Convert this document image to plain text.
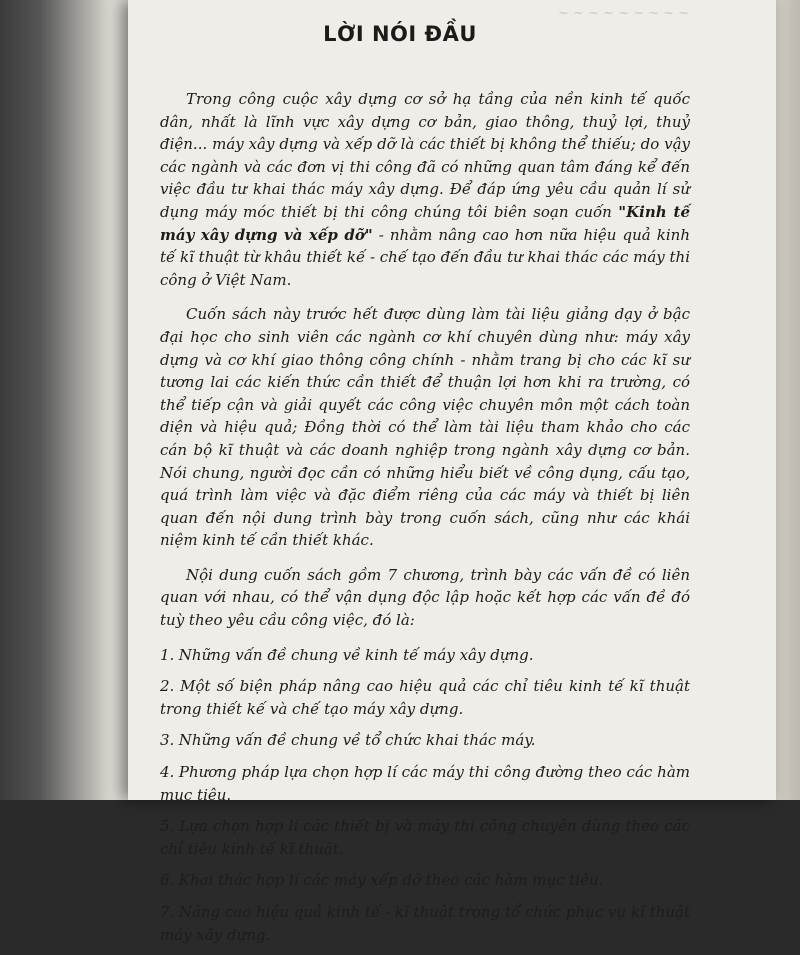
~ ~ ~ ~ ~ ~ ~ ~ ~
LỜI NÓI ĐẦU

Trong công cuộc xây dựng cơ sở hạ tầng của nền kinh tế quốc dân, nhất là lĩnh vực xây dựng cơ bản, giao thông, thuỷ lợi, thuỷ điện... máy xây dựng và xếp dỡ là các thiết bị không thể thiếu; do vậy các ngành và các đơn vị thi công đã có những quan tâm đáng kể đến việc đầu tư khai thác máy xây dựng. Để đáp ứng yêu cầu quản lí sử dụng máy móc thiết bị thi công chúng tôi biên soạn cuốn "Kinh tế máy xây dựng và xếp dỡ" - nhằm nâng cao hơn nữa hiệu quả kinh tế kĩ thuật từ khâu thiết kế - chế tạo đến đầu tư khai thác các máy thi công ở Việt Nam.

Cuốn sách này trước hết được dùng làm tài liệu giảng dạy ở bậc đại học cho sinh viên các ngành cơ khí chuyên dùng như: máy xây dựng và cơ khí giao thông công chính - nhằm trang bị cho các kĩ sư tương lai các kiến thức cần thiết để thuận lợi hơn khi ra trường, có thể tiếp cận và giải quyết các công việc chuyên môn một cách toàn diện và hiệu quả; Đồng thời có thể làm tài liệu tham khảo cho các cán bộ kĩ thuật và các doanh nghiệp trong ngành xây dựng cơ bản. Nói chung, người đọc cần có những hiểu biết về công dụng, cấu tạo, quá trình làm việc và đặc điểm riêng của các máy và thiết bị liên quan đến nội dung trình bày trong cuốn sách, cũng như các khái niệm kinh tế cần thiết khác.

Nội dung cuốn sách gồm 7 chương, trình bày các vấn đề có liên quan với nhau, có thể vận dụng độc lập hoặc kết hợp các vấn đề đó tuỳ theo yêu cầu công việc, đó là:

1. Những vấn đề chung về kinh tế máy xây dựng.
2. Một số biện pháp nâng cao hiệu quả các chỉ tiêu kinh tế kĩ thuật trong thiết kế và chế tạo máy xây dựng.
3. Những vấn đề chung về tổ chức khai thác máy.
4. Phương pháp lựa chọn hợp lí các máy thi công đường theo các hàm mục tiêu.
5. Lựa chọn hợp lí các thiết bị và máy thi công chuyên dùng theo các chỉ tiêu kinh tế kĩ thuật.
6. Khai thác hợp lí các máy xếp dỡ theo các hàm mục tiêu.
7. Nâng cao hiệu quả kinh tế - kĩ thuật trong tổ chức phục vụ kĩ thuật máy xây dựng.
